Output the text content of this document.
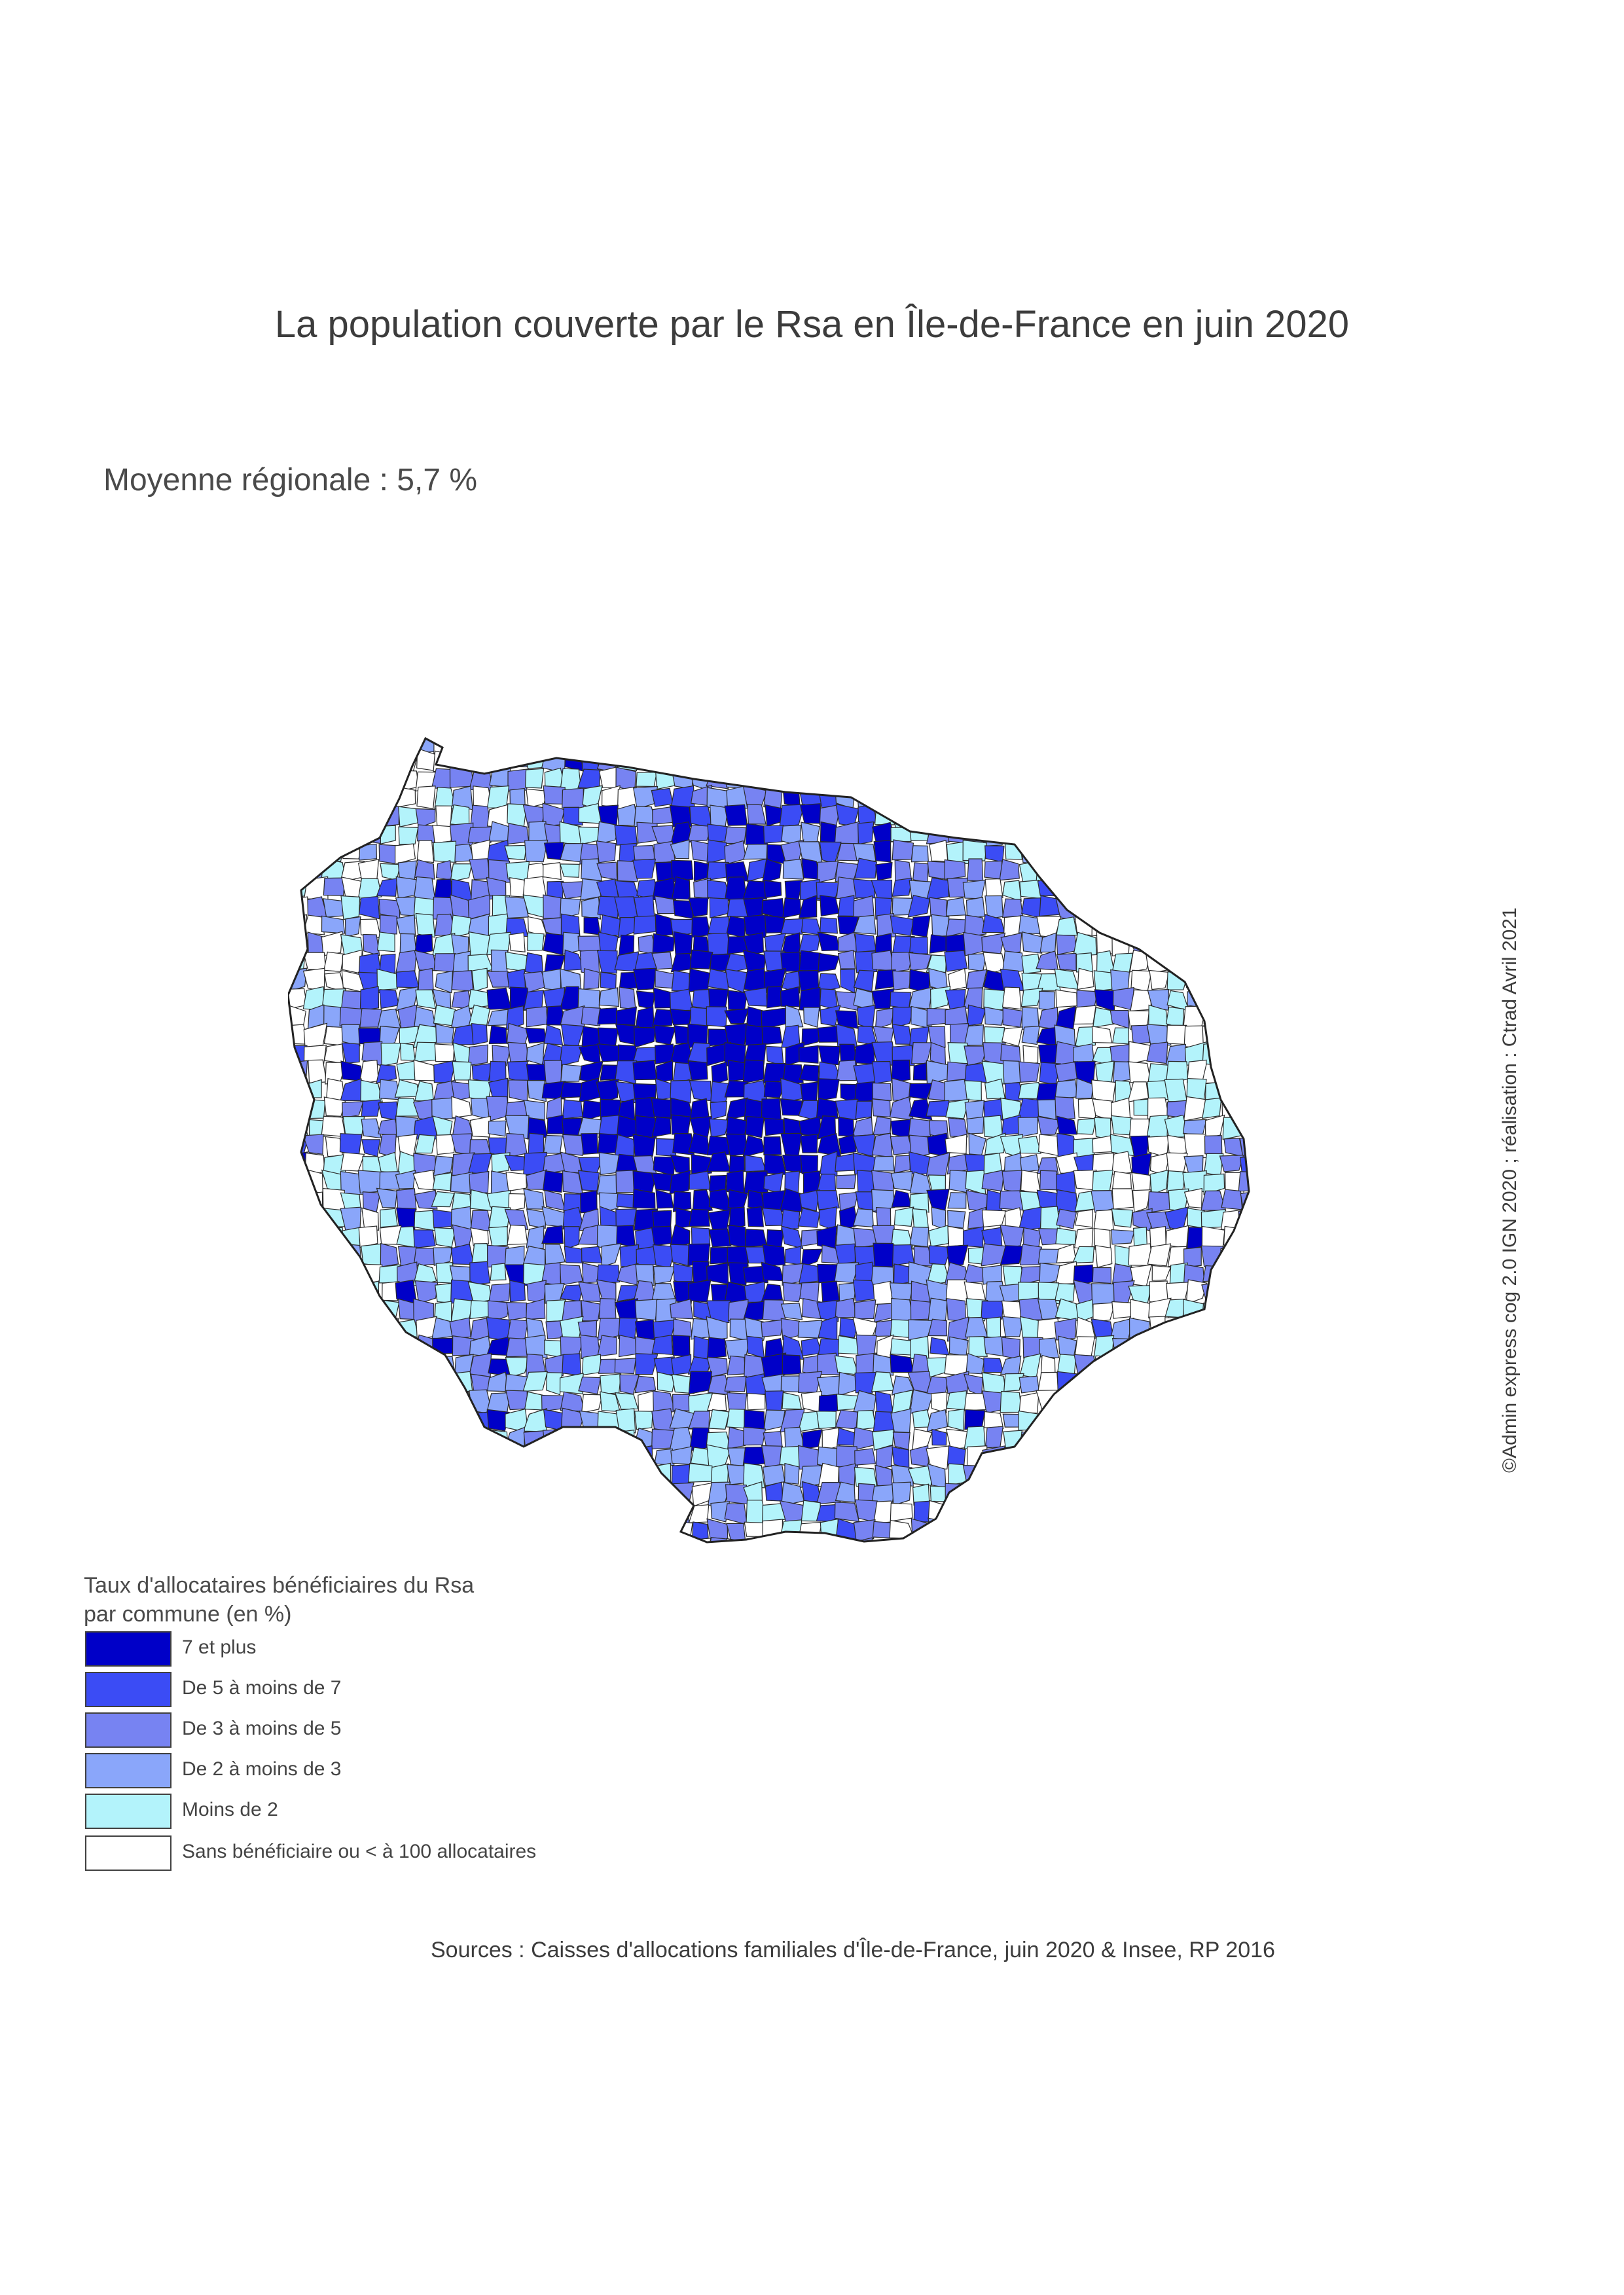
La population couverte par le Rsa en Île-de-France en juin 2020
Moyenne régionale : 5,7 %
©Admin express cog 2.0 IGN 2020 ; réalisation : Ctrad Avril 2021
Taux d'allocataires bénéficiaires du Rsa
par commune (en %)
7 et plus
De 5 à moins de 7
De 3 à moins de 5
De 2 à moins de 3
Moins de 2
Sans bénéficiaire ou < à 100 allocataires
Sources : Caisses d'allocations familiales d'Île-de-France, juin 2020 & Insee, RP 2016
